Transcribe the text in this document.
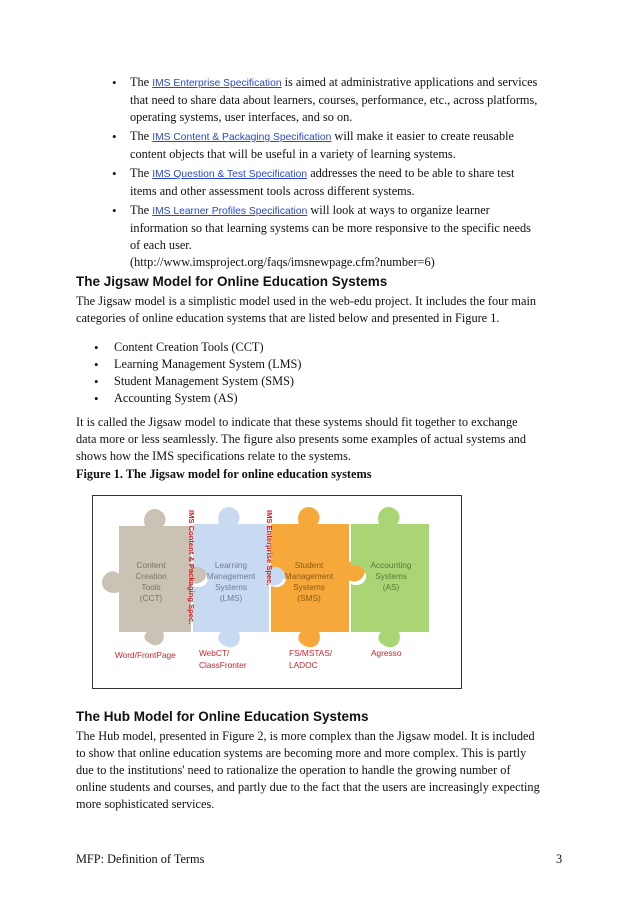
• The IMS Enterprise Specification is aimed at administrative applications and services
that need to share data about learners, courses, performance, etc., across platforms,
operating systems, user interfaces, and so on.
• The IMS Content & Packaging Specification will make it easier to create reusable
content objects that will be useful in a variety of learning systems.
• The IMS Question & Test Specification addresses the need to be able to share test
items and other assessment tools across different systems.
• The IMS Learner Profiles Specification will look at ways to organize learner
information so that learning systems can be more responsive to the specific needs
of each user.
(http://www.imsproject.org/faqs/imsnewpage.cfm?number=6)
The Jigsaw Model for Online Education Systems
The Jigsaw model is a simplistic model used in the web-edu project. It includes the four main
categories of online education systems that are listed below and presented in Figure 1.
• Content Creation Tools (CCT)
• Learning Management System (LMS)
• Student Management System (SMS)
• Accounting System (AS)
It is called the Jigsaw model to indicate that these systems should fit together to exchange
data more or less seamlessly. The figure also presents some examples of actual systems and
shows how the IMS specifications relate to the systems.
Figure 1. The Jigsaw model for online education systems
Content
Creation
Tools
(CCT)
Learning
Management
Systems
(LMS)
Student
Management
Systems
(SMS)
Accounting
Systems
(AS)
IMS Content & Packaging Spec.	IMS Enterprise Spec.
Word/FrontPage	WebCT/
ClassFronter
FS/MSTAS/
LADOC
Agresso
The Hub Model for Online Education Systems
The Hub model, presented in Figure 2, is more complex than the Jigsaw model. It is included
to show that online education systems are becoming more and more complex. This is partly
due to the institutions' need to rationalize the operation to handle the growing number of
online students and courses, and partly due to the fact that the users are increasingly expecting
more sophisticated services.
MFP: Definition of Terms	3
